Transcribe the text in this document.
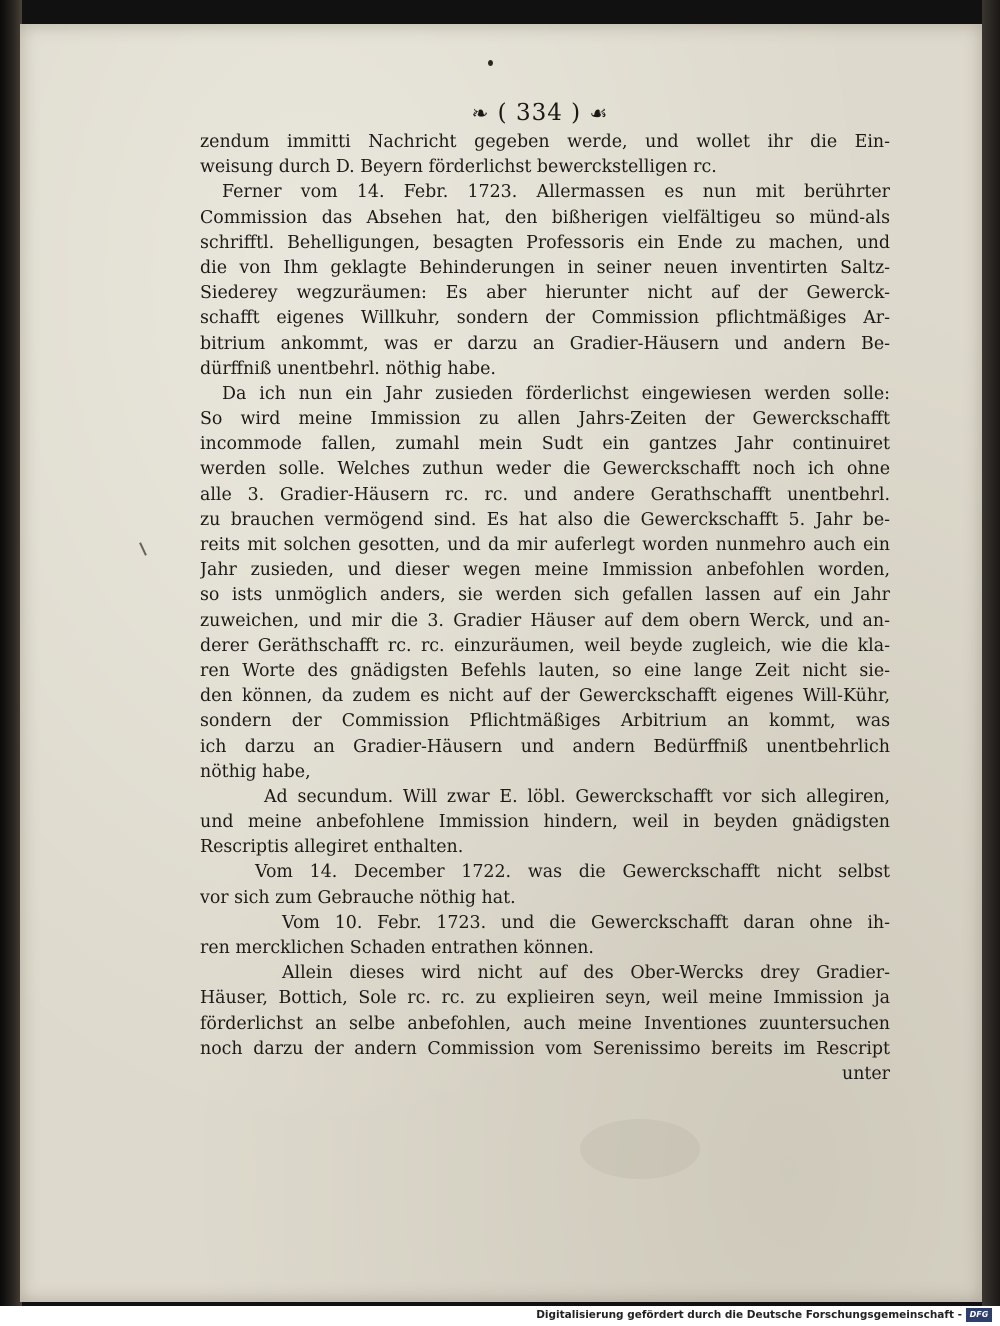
❧ ( 334 ) ☙
zendum immitti Nachricht gegeben werde, und wollet ihr die Ein-
weisung durch D. Beyern förderlichst bewerckstelligen rc.
Ferner vom 14. Febr. 1723. Allermassen es nun mit berührter
Commission das Absehen hat, den bißherigen vielfältigeu so münd-als
schrifftl. Behelligungen, besagten Professoris ein Ende zu machen, und
die von Ihm geklagte Behinderungen in seiner neuen inventirten Saltz-
Siederey wegzuräumen: Es aber hierunter nicht auf der Gewerck-
schafft eigenes Willkuhr, sondern der Commission pflichtmäßiges Ar-
bitrium ankommt, was er darzu an Gradier-Häusern und andern Be-
dürffniß unentbehrl. nöthig habe.
Da ich nun ein Jahr zusieden förderlichst eingewiesen werden solle:
So wird meine Immission zu allen Jahrs-Zeiten der Gewerckschafft
incommode fallen, zumahl mein Sudt ein gantzes Jahr continuiret
werden solle. Welches zuthun weder die Gewerckschafft noch ich ohne
alle 3. Gradier-Häusern rc. rc. und andere Gerathschafft unentbehrl.
zu brauchen vermögend sind. Es hat also die Gewerckschafft 5. Jahr be-
reits mit solchen gesotten, und da mir auferlegt worden nunmehro auch ein
Jahr zusieden, und dieser wegen meine Immission anbefohlen worden,
so ists unmöglich anders, sie werden sich gefallen lassen auf ein Jahr
zuweichen, und mir die 3. Gradier Häuser auf dem obern Werck, und an-
derer Geräthschafft rc. rc. einzuräumen, weil beyde zugleich, wie die kla-
ren Worte des gnädigsten Befehls lauten, so eine lange Zeit nicht sie-
den können, da zudem es nicht auf der Gewerckschafft eigenes Will-Kühr,
sondern der Commission Pflichtmäßiges Arbitrium an kommt, was
ich darzu an Gradier-Häusern und andern Bedürffniß unentbehrlich
nöthig habe,
Ad secundum. Will zwar E. löbl. Gewerckschafft vor sich allegiren,
und meine anbefohlene Immission hindern, weil in beyden gnädigsten
Rescriptis allegiret enthalten.
Vom 14. December 1722. was die Gewerckschafft nicht selbst
vor sich zum Gebrauche nöthig hat.
Vom 10. Febr. 1723. und die Gewerckschafft daran ohne ih-
ren mercklichen Schaden entrathen können.
Allein dieses wird nicht auf des Ober-Wercks drey Gradier-
Häuser, Bottich, Sole rc. rc. zu explieiren seyn, weil meine Immission ja
förderlichst an selbe anbefohlen, auch meine Inventiones zuuntersuchen
noch darzu der andern Commission vom Serenissimo bereits im Rescript
unter
Digitalisierung gefördert durch die Deutsche Forschungsgemeinschaft - DFG
